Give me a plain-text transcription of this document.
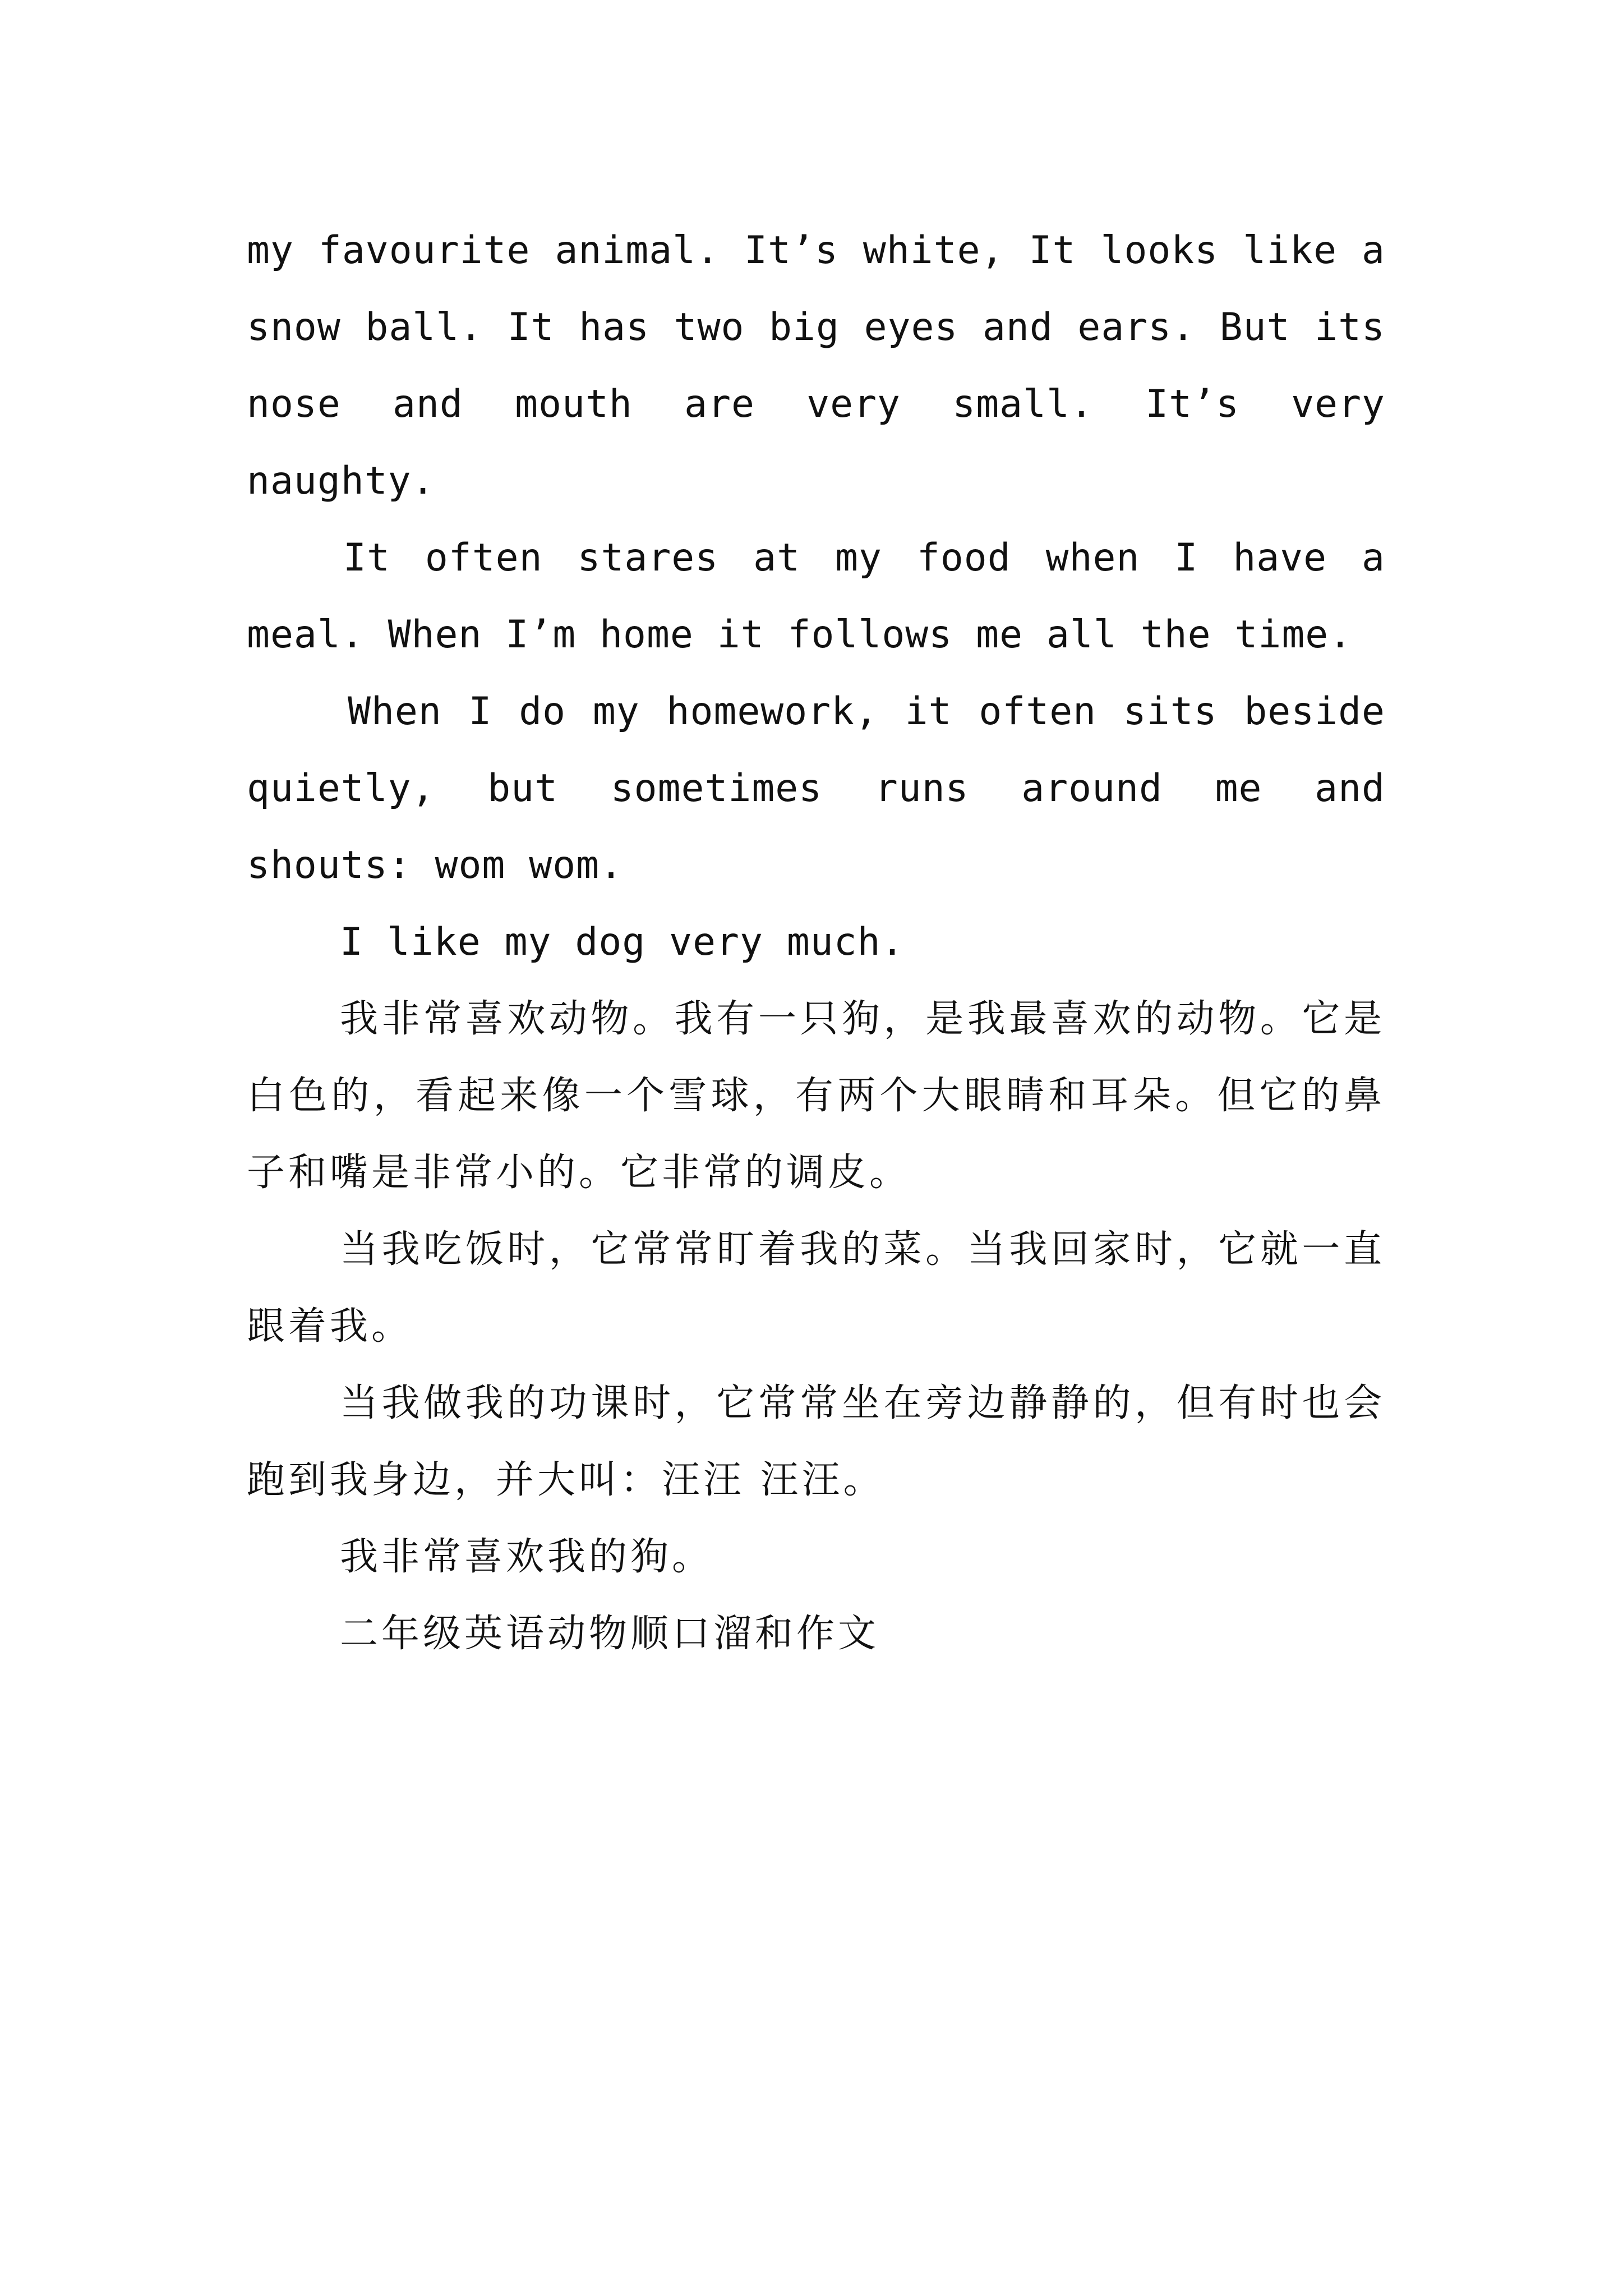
my favourite animal. It’s white, It looks like a snow ball. It has two big eyes and ears. But its nose and mouth are very small. It’s very naughty.

It often stares at my food when I have a meal. When I’m home it follows me all the time.

When I do my homework, it often sits beside quietly, but sometimes runs around me and shouts: wom wom.

I like my dog very much.

我非常喜欢动物。我有一只狗，是我最喜欢的动物。它是白色的，看起来像一个雪球，有两个大眼睛和耳朵。但它的鼻子和嘴是非常小的。它非常的调皮。

当我吃饭时，它常常盯着我的菜。当我回家时，它就一直跟着我。

当我做我的功课时，它常常坐在旁边静静的，但有时也会跑到我身边，并大叫：汪汪 汪汪。

我非常喜欢我的狗。

二年级英语动物顺口溜和作文
